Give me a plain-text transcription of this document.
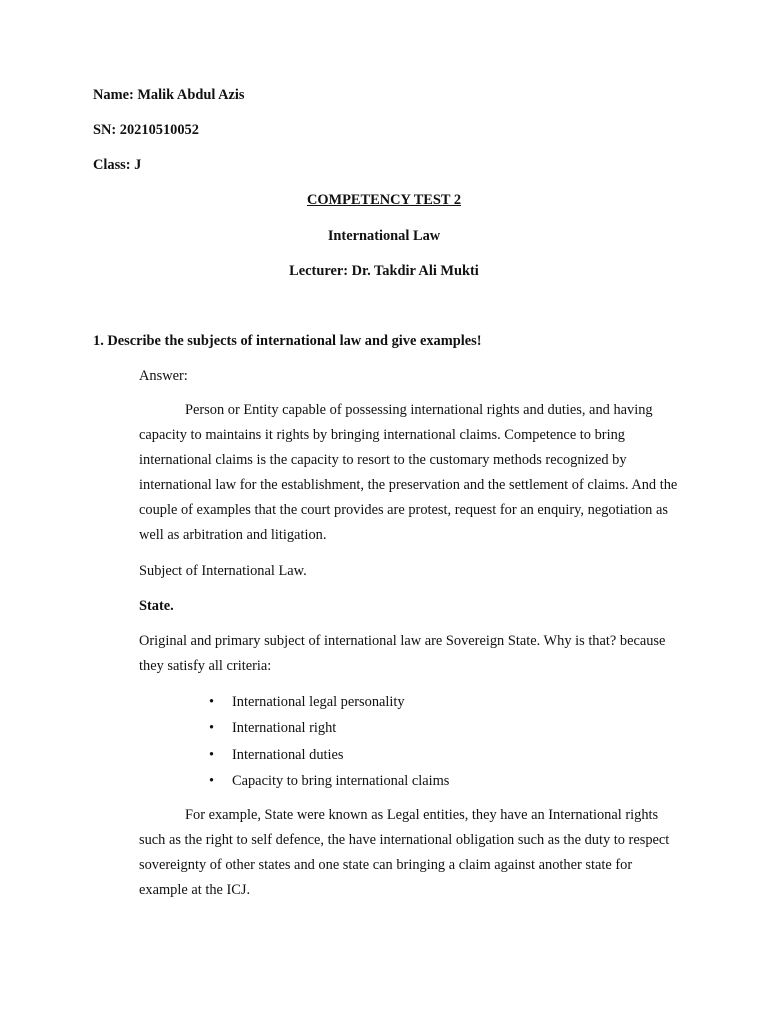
Name: Malik Abdul Azis
SN: 20210510052
Class: J
COMPETENCY TEST 2
International Law
Lecturer: Dr. Takdir Ali Mukti
1. Describe the subjects of international law and give examples!
Answer:
Person or Entity capable of possessing international rights and duties, and having capacity to maintains it rights by bringing international claims. Competence to bring international claims is the capacity to resort to the customary methods recognized by international law for the establishment, the preservation and the settlement of claims. And the couple of examples that the court provides are protest, request for an enquiry, negotiation as well as arbitration and litigation.
Subject of International Law.
State.
Original and primary subject of international law are Sovereign State. Why is that? because they satisfy all criteria:
• International legal personality
• International right
• International duties
• Capacity to bring international claims
For example, State were known as Legal entities, they have an International rights such as the right to self defence, the have international obligation such as the duty to respect sovereignty of other states and one state can bringing a claim against another state for example at the ICJ.
